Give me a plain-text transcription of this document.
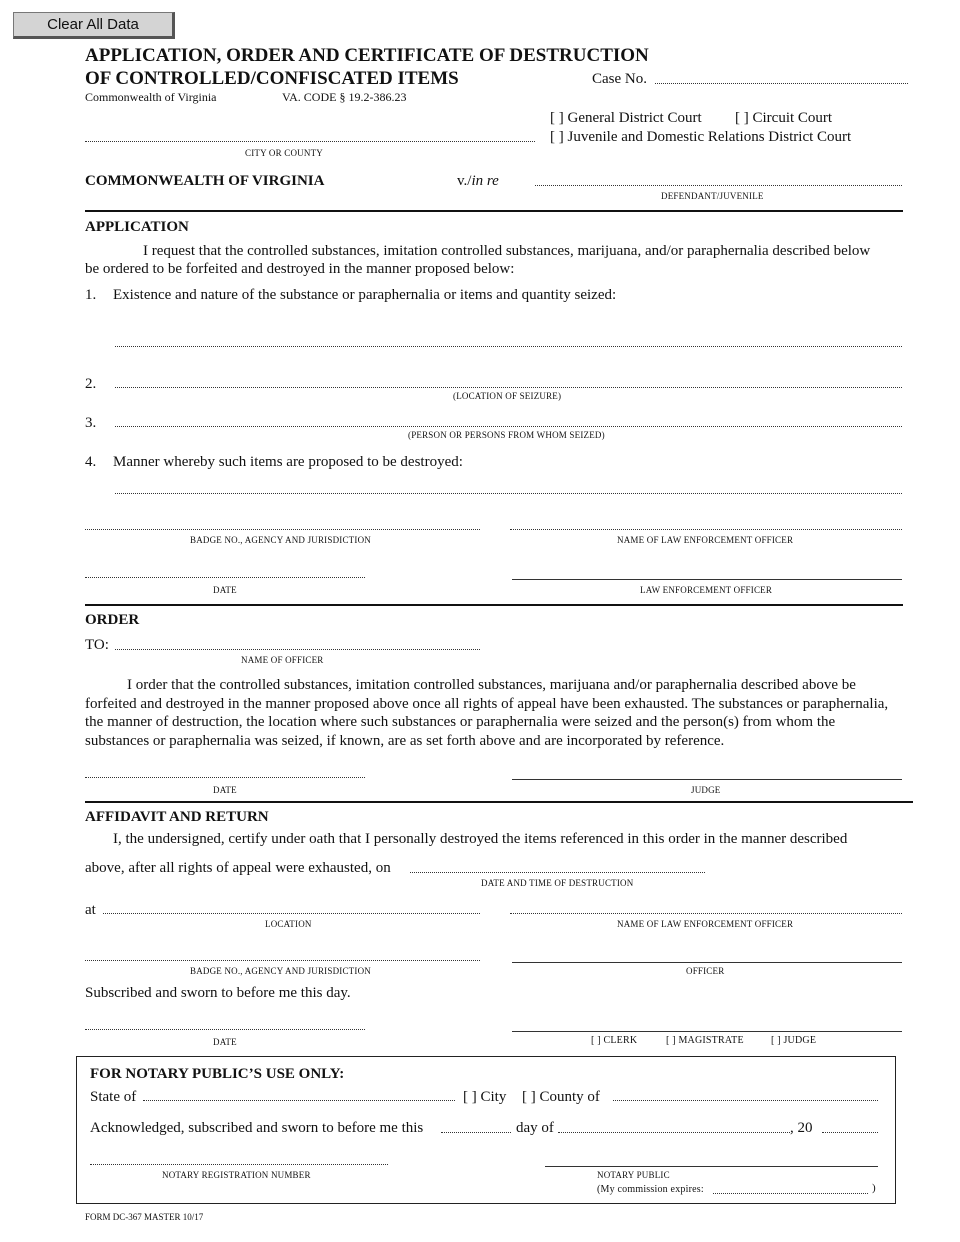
Clear All Data
APPLICATION, ORDER AND CERTIFICATE OF DESTRUCTION
OF CONTROLLED/CONFISCATED ITEMS	Case No.
Commonwealth of Virginia	VA. CODE § 19.2-386.23
[ ] General District Court [ ] Circuit Court
[ ] Juvenile and Domestic Relations District Court
CITY OR COUNTY
COMMONWEALTH OF VIRGINIA	v./in re
DEFENDANT/JUVENILE
APPLICATION
I request that the controlled substances, imitation controlled substances, marijuana, and/or paraphernalia described below
be ordered to be forfeited and destroyed in the manner proposed below:
1. Existence and nature of the substance or paraphernalia or items and quantity seized:
2.
(LOCATION OF SEIZURE)
3.
(PERSON OR PERSONS FROM WHOM SEIZED)
4. Manner whereby such items are proposed to be destroyed:
BADGE NO., AGENCY AND JURISDICTION	NAME OF LAW ENFORCEMENT OFFICER
DATE	LAW ENFORCEMENT OFFICER
ORDER
TO:
NAME OF OFFICER
I order that the controlled substances, imitation controlled substances, marijuana and/or paraphernalia described above be forfeited and destroyed in the manner proposed above once all rights of appeal have been exhausted. The substances or paraphernalia, the manner of destruction, the location where such substances or paraphernalia were seized and the person(s) from whom the substances or paraphernalia was seized, if known, are as set forth above and are incorporated by reference.
DATE	JUDGE
AFFIDAVIT AND RETURN
I, the undersigned, certify under oath that I personally destroyed the items referenced in this order in the manner described
above, after all rights of appeal were exhausted, on
DATE AND TIME OF DESTRUCTION
at
LOCATION	NAME OF LAW ENFORCEMENT OFFICER
BADGE NO., AGENCY AND JURISDICTION	OFFICER
Subscribed and sworn to before me this day.
DATE	[ ] CLERK	[ ] MAGISTRATE	[ ] JUDGE
FOR NOTARY PUBLIC’S USE ONLY:
State of	[ ] City [ ] County of
Acknowledged, subscribed and sworn to before me this	day of	, 20
NOTARY REGISTRATION NUMBER	NOTARY PUBLIC
(My commission expires:	)
FORM DC-367 MASTER 10/17
